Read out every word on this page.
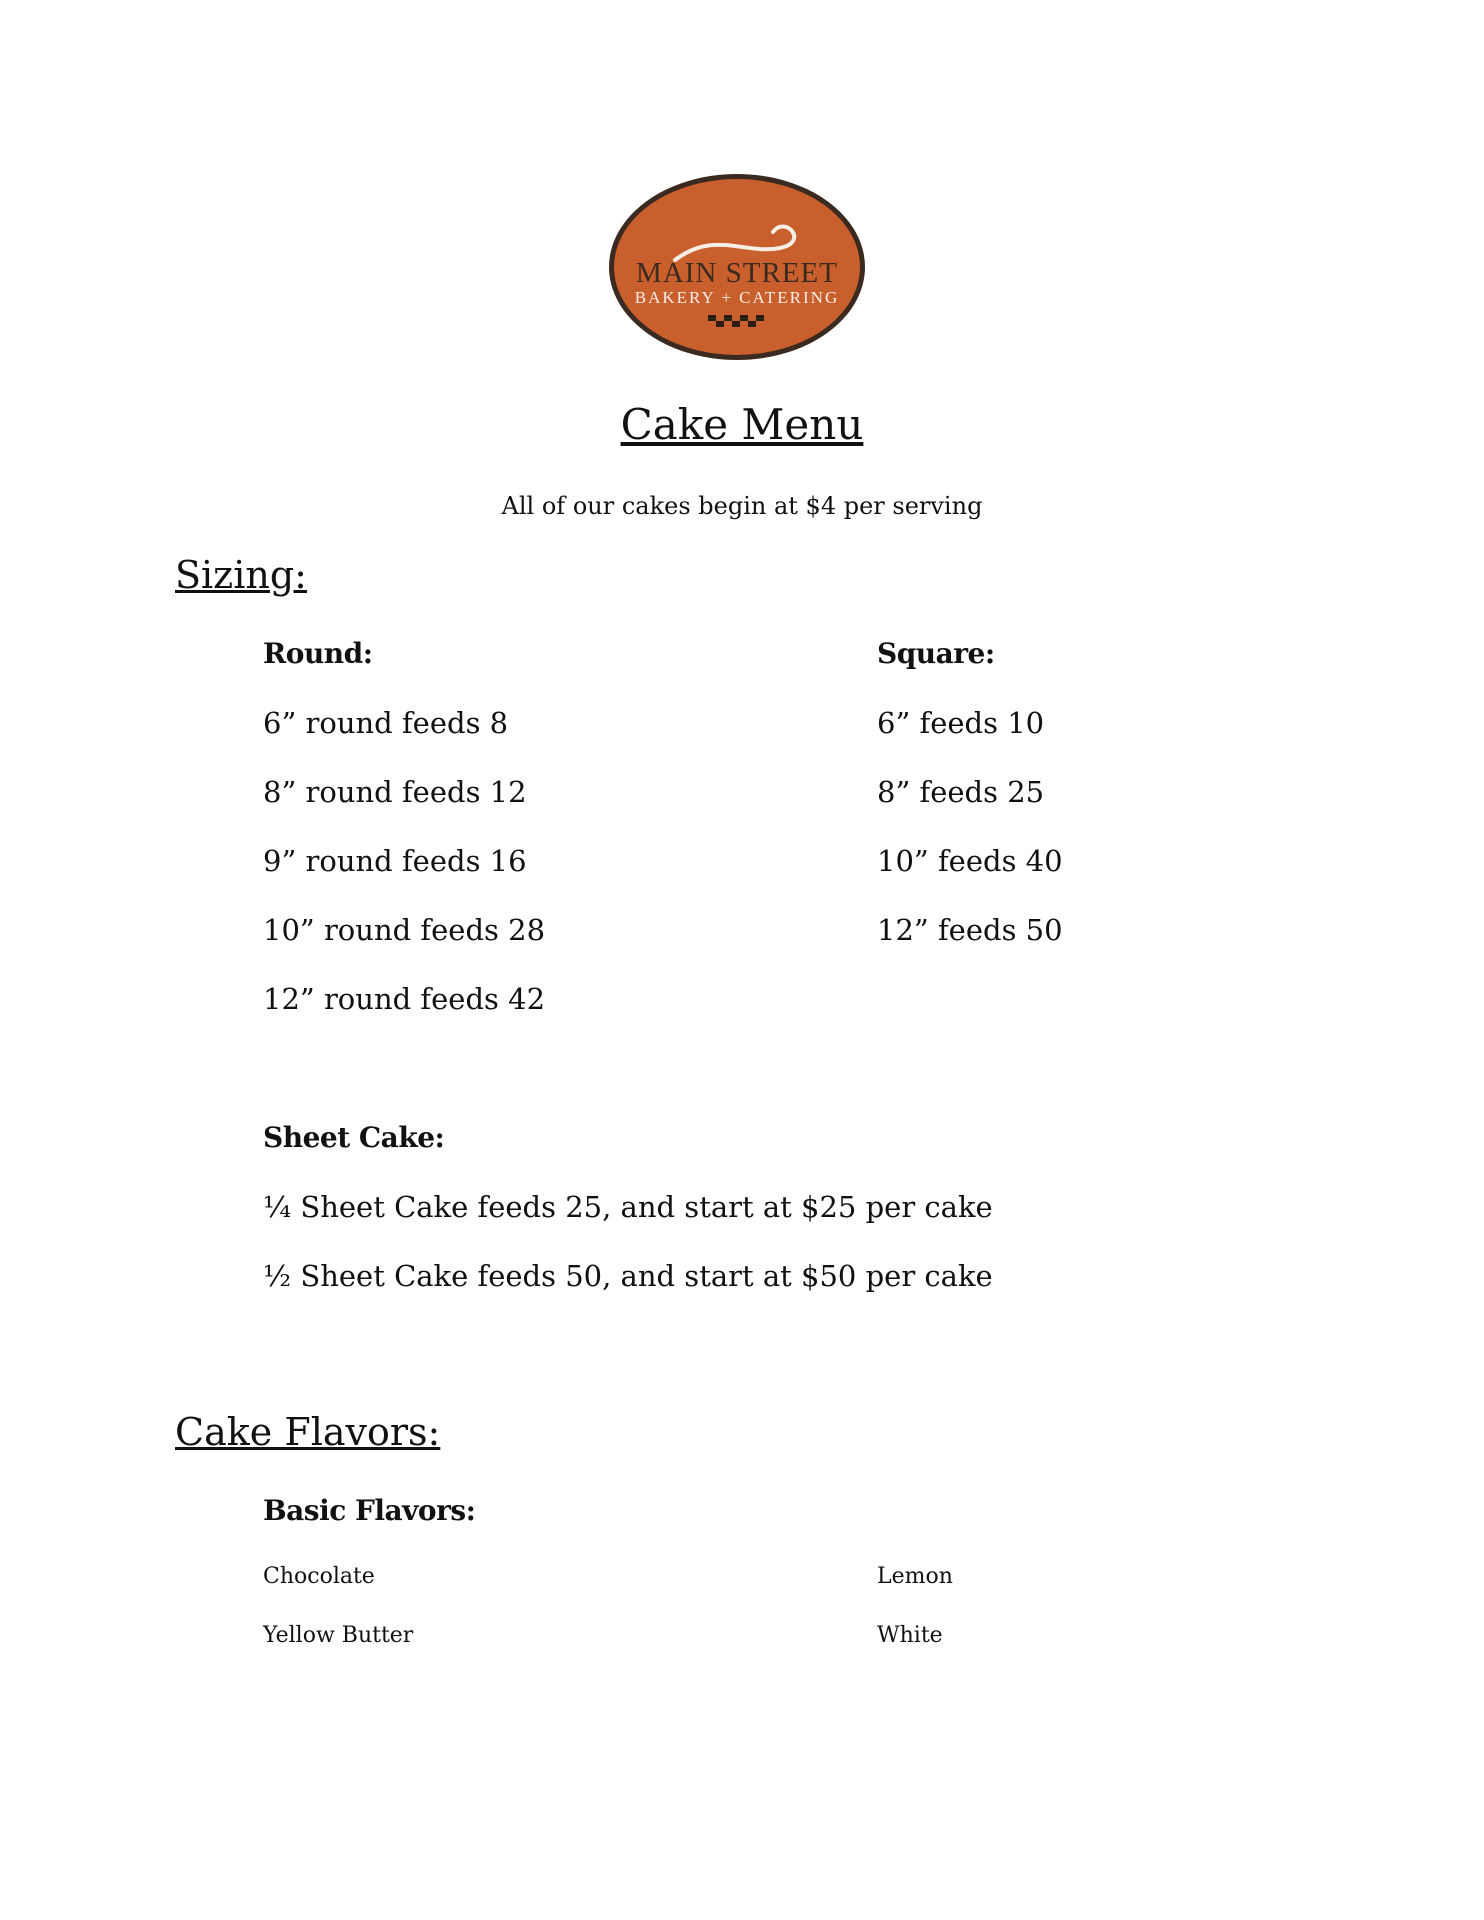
MAIN STREET
BAKERY + CATERING
Cake Menu
All of our cakes begin at $4 per serving
Sizing:
Round:
6” round feeds 8
8” round feeds 12
9” round feeds 16
10” round feeds 28
12” round feeds 42
Square:
6” feeds 10
8” feeds 25
10” feeds 40
12” feeds 50
Sheet Cake:
¼ Sheet Cake feeds 25, and start at $25 per cake
½ Sheet Cake feeds 50, and start at $50 per cake
Cake Flavors:
Basic Flavors:
Chocolate
Yellow Butter
Lemon
White
